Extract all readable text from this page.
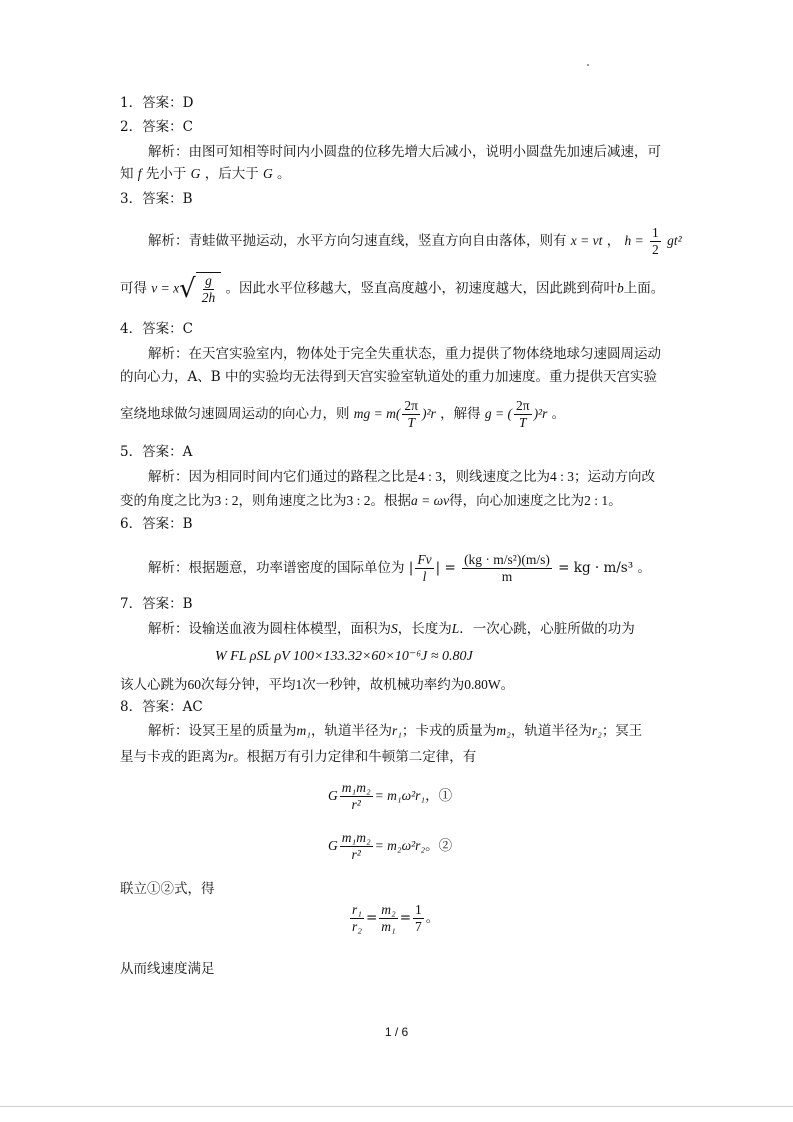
1．答案：D
2．答案：C
解析：由图可知相等时间内小圆盘的位移先增大后减小，说明小圆盘先加速后减速，可
知 f 先小于 G ，后大于 G 。
3．答案：B
解析：青蛙做平抛运动，水平方向匀速直线，竖直方向自由落体，则有 x = vt ， $h = \frac{1}{2} gt^2$
可得 $v = x√ \frac{g}{2h}$ 。因此水平位移越大，竖直高度越小，初速度越大，因此跳到荷叶b上面。
4．答案：C
解析：在天宫实验室内，物体处于完全失重状态，重力提供了物体绕地球匀速圆周运动
的向心力，A、B 中的实验均无法得到天宫实验室轨道处的重力加速度。重力提供天宫实验
室绕地球做匀速圆周运动的向心力，则 mg = $m( \frac{2\pi}{T} )^2r$ ，解得 g = ( $\frac{2\pi}{T} )^2r$ 。
5．答案：A
解析：因为相同时间内它们通过的路程之比是4 : 3，则线速度之比为4 : 3；运动方向改
变的角度之比为3 : 2，则角速度之比为3 : 2。根据a = ωv得，向心加速度之比为2 : 1。
6．答案：B
解析：根据题意，功率谱密度的国际单位为 | $\frac{Fv}{l}$ | = $\frac{\text{(kg · m/s²)(m/s)}}{m}$ = kg · m/s³ 。
7．答案：B
解析：设输送血液为圆柱体模型，面积为S，长度为L．一次心跳，心脏所做的功为
W FL ρSL ρV 100×133.32×60×10⁻⁶J ≈ 0.80J
该人心跳为60次每分钟，平均1次一秒钟，故机械功率约为0.80W。
8．答案：AC
解析：设冥王星的质量为m₁，轨道半径为r₁；卡戎的质量为m₂，轨道半径为r₂；冥王
星与卡戎的距离为r。根据万有引力定律和牛顿第二定律，有
G $\frac{\text{m₁m₂}}{\text{r²}} = m_1\omega^2r_1$，①
G $\frac{\text{m₁m₂}}{\text{r²}} = m_2\omega^2r_2$。②
联立①②式，得
$\frac{\text{r₁}}{\text{r₂}} = \frac{\text{m₂}}{\text{m₁}} = \frac{1}{7}$ 。
从而线速度满足
1 / 6
